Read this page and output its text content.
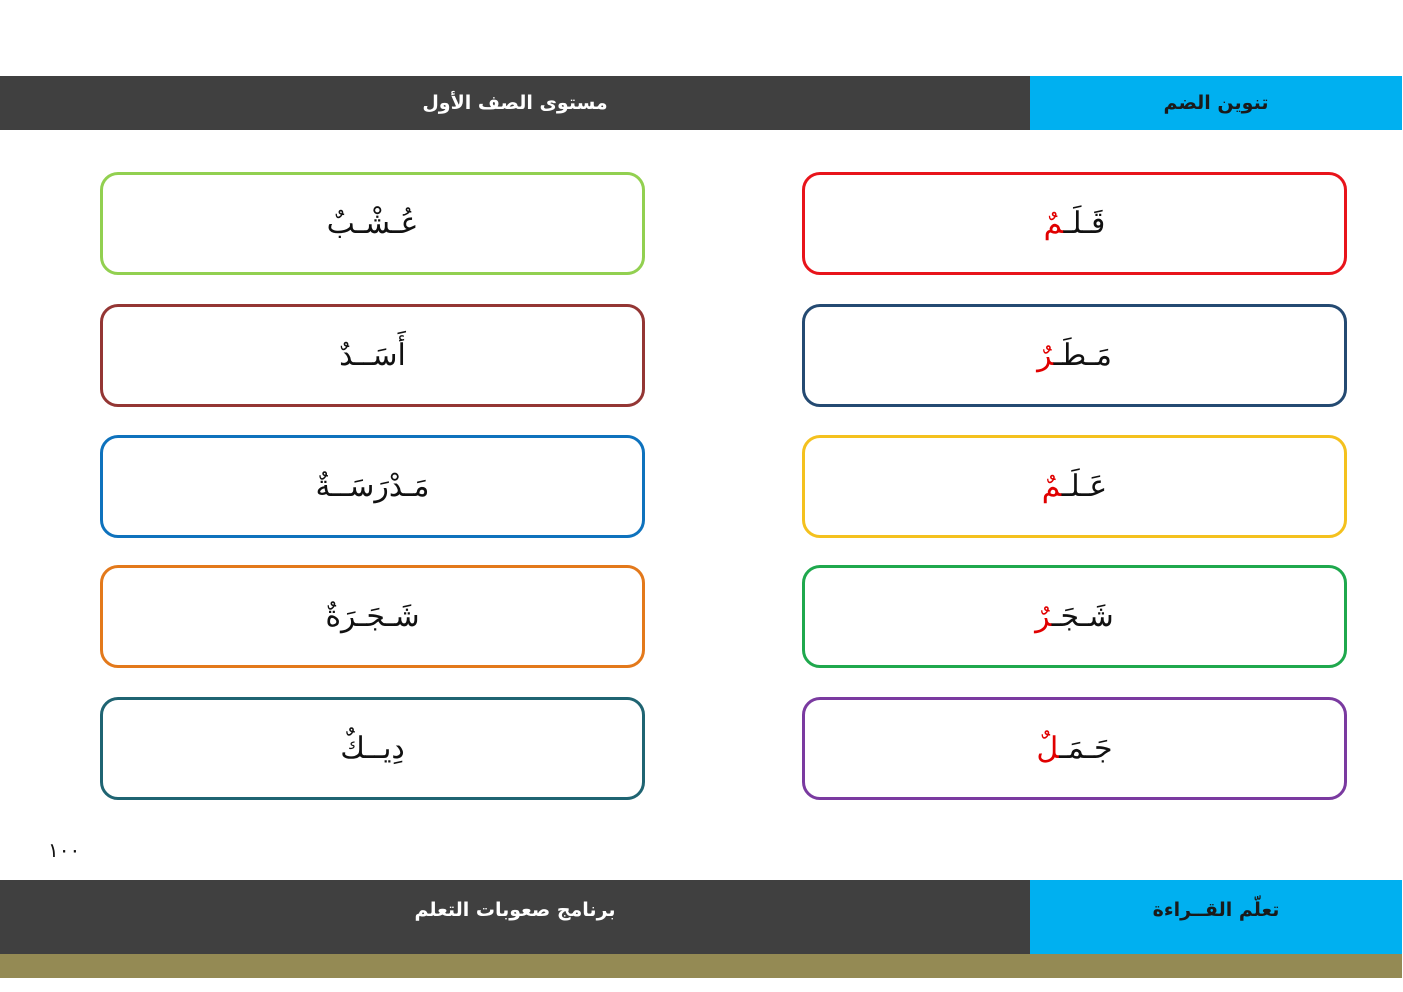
مستوى الصف الأول	تنوين الضم
عُـشْـبٌ
أَسَــدٌ
مَـدْرَسَــةٌ
شَـجَـرَةٌ
دِيــكٌ
قَـلَـمٌ
مَـطَـرٌ
عَـلَـمٌ
شَـجَـرٌ
جَـمَـلٌ
١٠٠
برنامج صعوبات التعلم	تعلّم القــراءة
